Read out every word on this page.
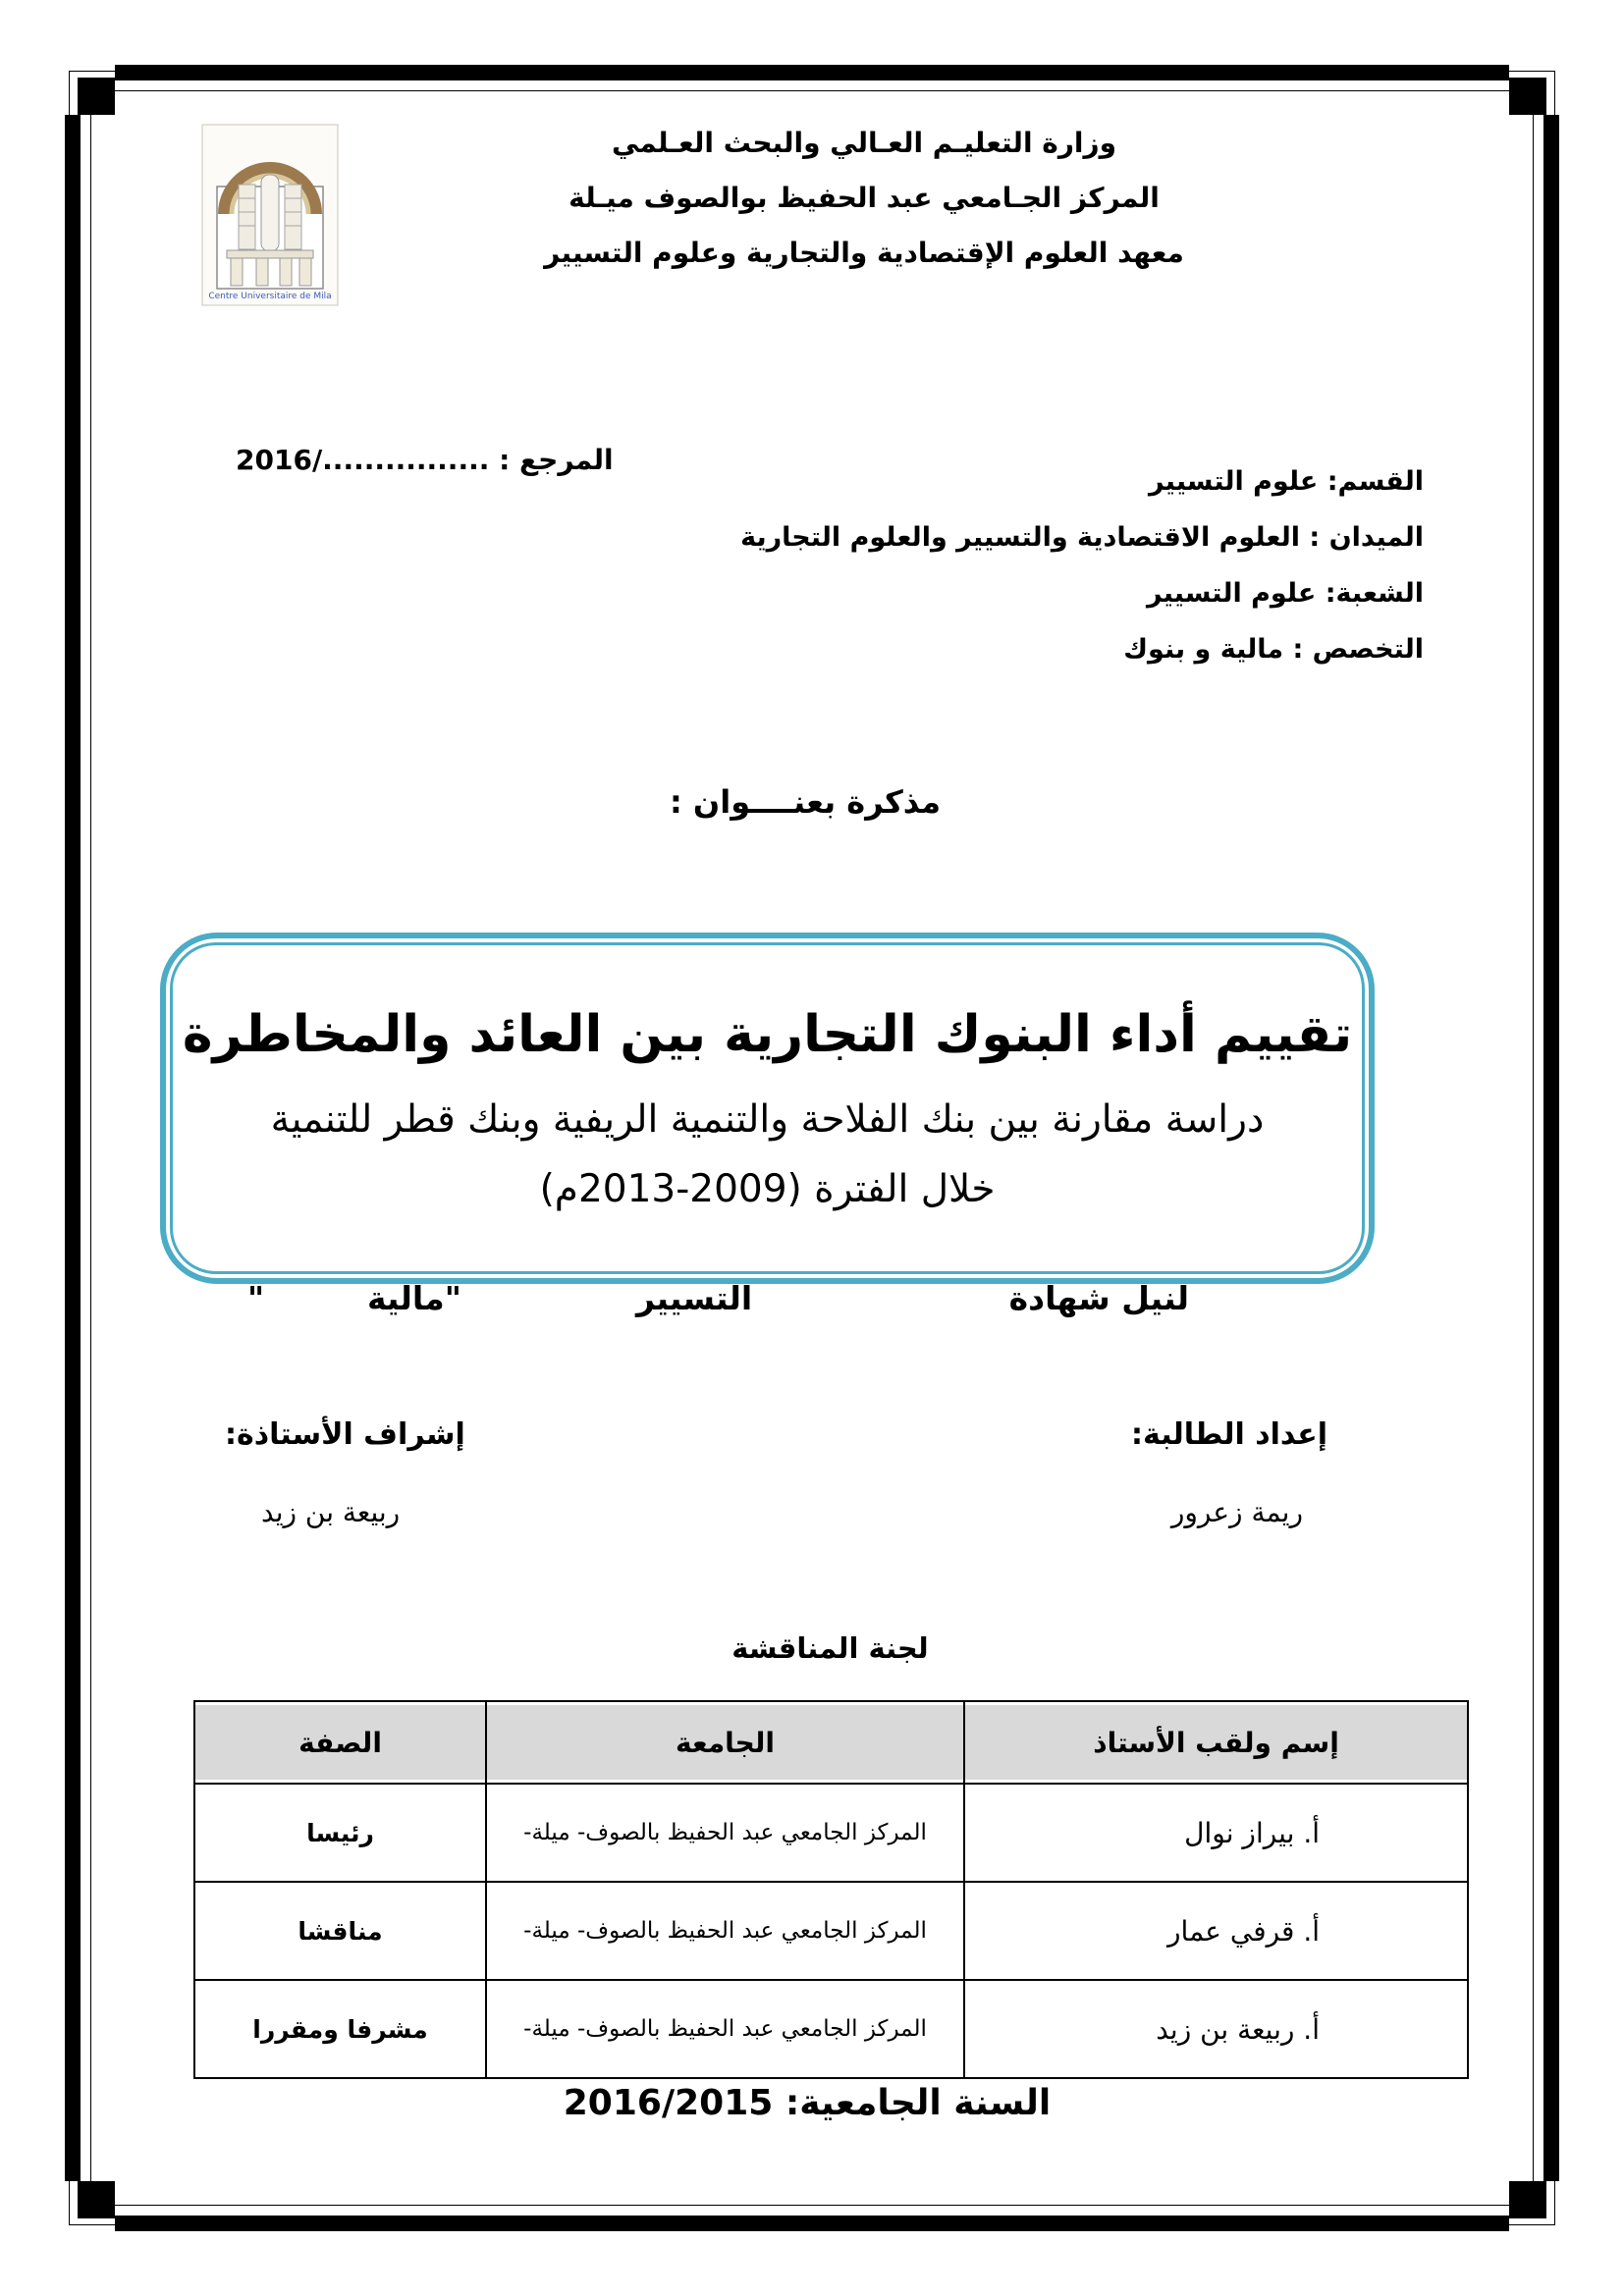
Centre Universitaire de Mila
وزارة التعليـم العـالي والبحث العـلمي
المركز الجـامعي عبد الحفيظ بوالصوف ميـلة
معهد العلوم الإقتصادية والتجارية وعلوم التسيير
المرجع : ................/2016
القسم: علوم التسيير
الميدان : العلوم الاقتصادية والتسيير والعلوم التجارية
الشعبة: علوم التسيير
التخصص : مالية و بنوك
مذكرة بعنــــوان :
تقييم أداء البنوك التجارية بين العائد والمخاطرة
دراسة مقارنة بين بنك الفلاحة والتنمية الريفية وبنك قطر للتنمية
خلال الفترة (2009-2013م)
لنيل شهادة
التسيير
"مالية
"
إعداد الطالبة:
ريمة زعرور
إشراف الأستاذة:
ربيعة بن زيد
لجنة المناقشة
إسم ولقب الأستاذ	الجامعة	الصفة
أ. بيراز نوال	المركز الجامعي عبد الحفيظ بالصوف- ميلة-	رئيسا
أ. قرفي عمار	المركز الجامعي عبد الحفيظ بالصوف- ميلة-	مناقشا
أ. ربيعة بن زيد	المركز الجامعي عبد الحفيظ بالصوف- ميلة-	مشرفا ومقررا
السنة الجامعية: 2016/2015
